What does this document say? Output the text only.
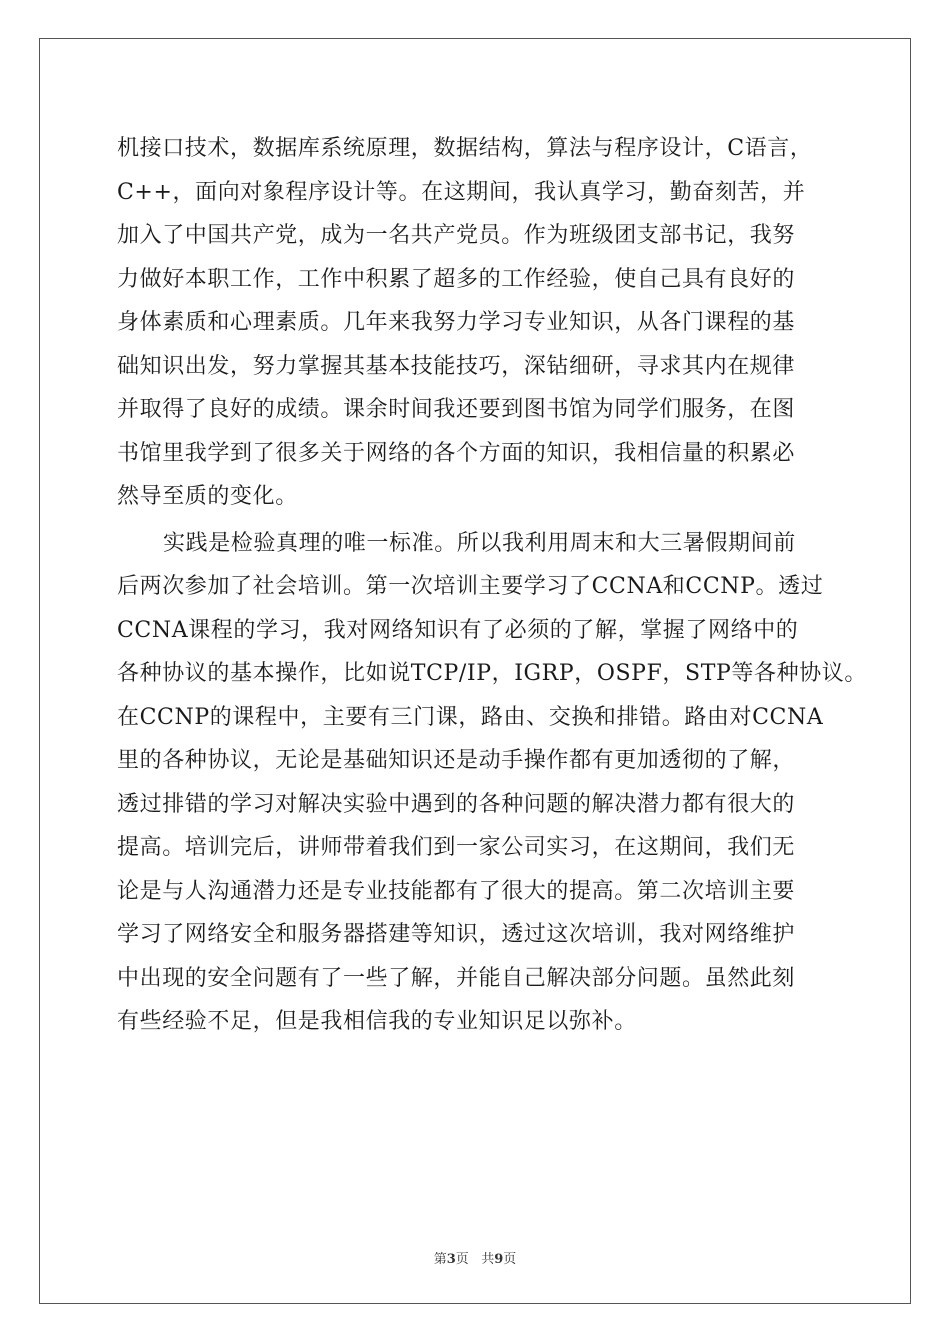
机接口技术，数据库系统原理，数据结构，算法与程序设计，C语言，
C++，面向对象程序设计等。在这期间，我认真学习，勤奋刻苦，并
加入了中国共产党，成为一名共产党员。作为班级团支部书记，我努
力做好本职工作，工作中积累了超多的工作经验，使自己具有良好的
身体素质和心理素质。几年来我努力学习专业知识，从各门课程的基
础知识出发，努力掌握其基本技能技巧，深钻细研，寻求其内在规律
并取得了良好的成绩。课余时间我还要到图书馆为同学们服务，在图
书馆里我学到了很多关于网络的各个方面的知识，我相信量的积累必
然导至质的变化。
实践是检验真理的唯一标准。所以我利用周末和大三暑假期间前
后两次参加了社会培训。第一次培训主要学习了CCNA和CCNP。透过
CCNA课程的学习，我对网络知识有了必须的了解，掌握了网络中的
各种协议的基本操作，比如说TCP/IP，IGRP，OSPF，STP等各种协议。
在CCNP的课程中，主要有三门课，路由、交换和排错。路由对CCNA
里的各种协议，无论是基础知识还是动手操作都有更加透彻的了解，
透过排错的学习对解决实验中遇到的各种问题的解决潜力都有很大的
提高。培训完后，讲师带着我们到一家公司实习，在这期间，我们无
论是与人沟通潜力还是专业技能都有了很大的提高。第二次培训主要
学习了网络安全和服务器搭建等知识，透过这次培训，我对网络维护
中出现的安全问题有了一些了解，并能自己解决部分问题。虽然此刻
有些经验不足，但是我相信我的专业知识足以弥补。
第3页 共9页
